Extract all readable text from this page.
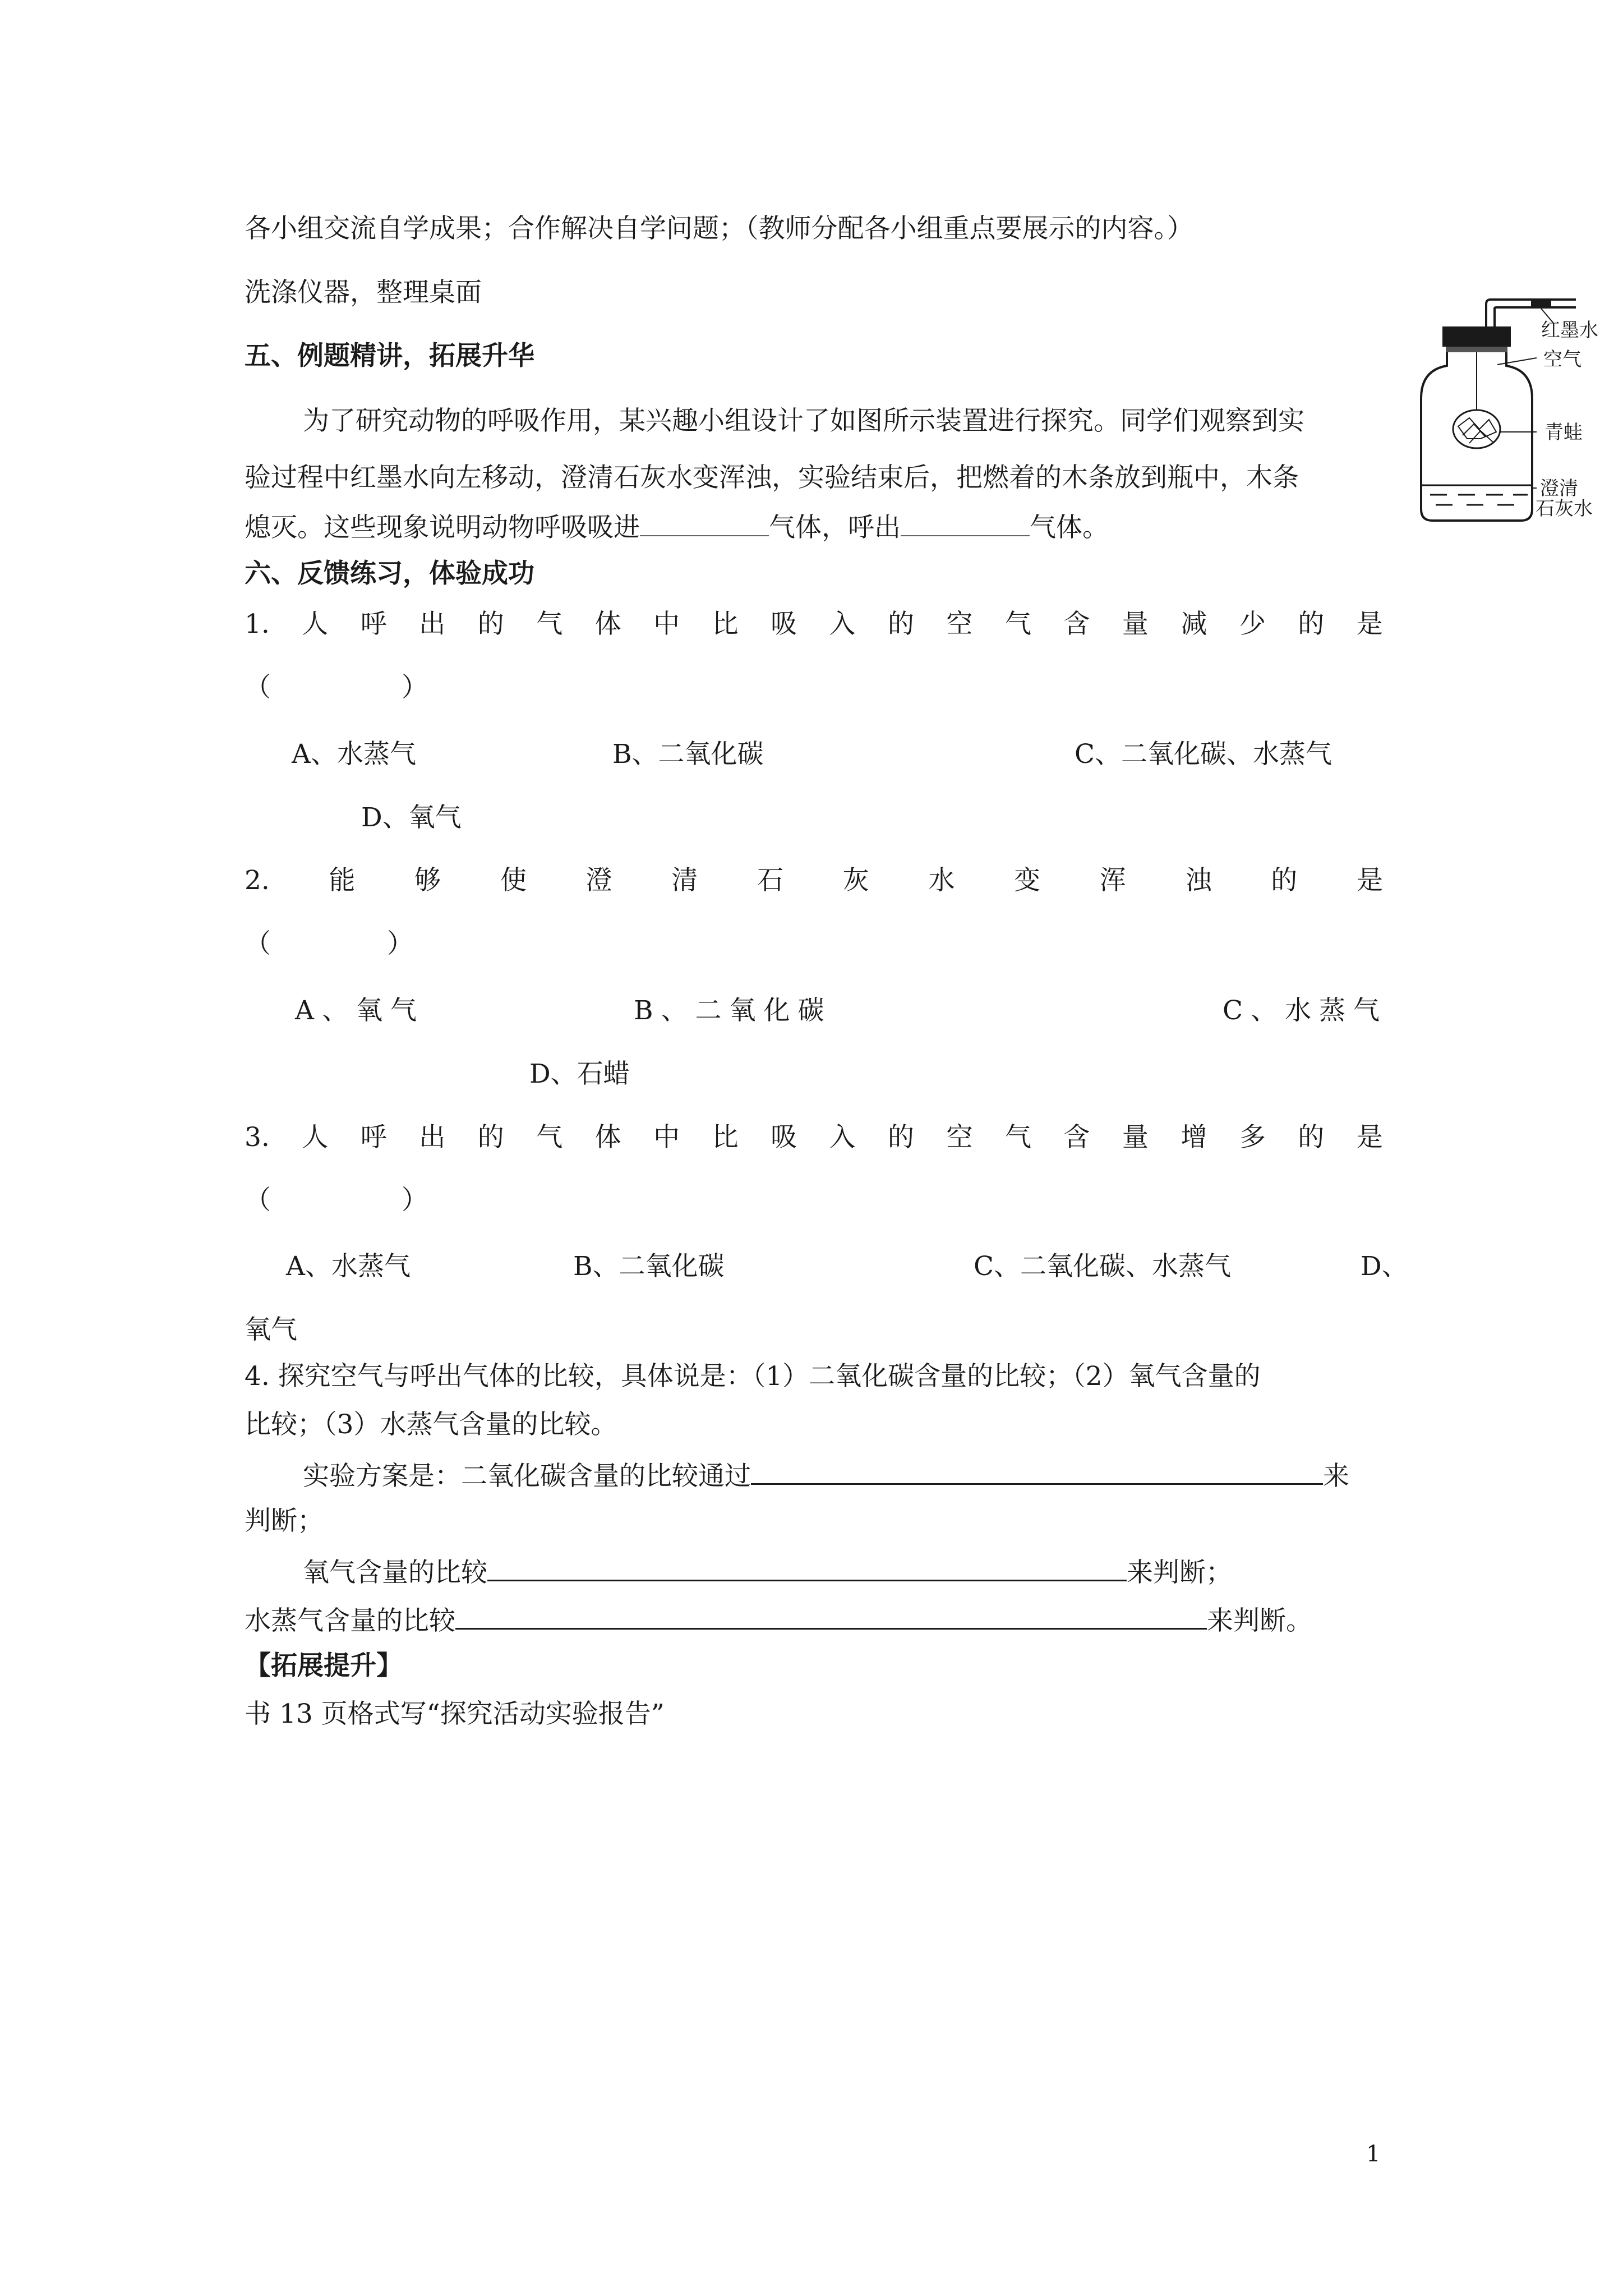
各小组交流自学成果；合作解决自学问题；（教师分配各小组重点要展示的内容。）
洗涤仪器，整理桌面
五、例题精讲，拓展升华
为了研究动物的呼吸作用，某兴趣小组设计了如图所示装置进行探究。同学们观察到实
验过程中红墨水向左移动，澄清石灰水变浑浊，实验结束后，把燃着的木条放到瓶中，木条
熄灭。这些现象说明动物呼吸吸进	气体，呼出	气体。
红墨水
空气
青蛙
澄清
石灰水
六、反馈练习，体验成功
1. 人 呼 出 的 气 体 中 比 吸 入 的 空 气 含 量 减 少 的 是
（	）
A、水蒸气	B、二氧化碳	C、二氧化碳、水蒸气
D、氧气
2. 能 够 使 澄 清 石 灰 水 变 浑 浊 的 是
（	）
A、氧气	B、二氧化碳	C、水蒸气
D、石蜡
3. 人 呼 出 的 气 体 中 比 吸 入 的 空 气 含 量 增 多 的 是
（	）
A、水蒸气	B、二氧化碳	C、二氧化碳、水蒸气	D、
氧气
4. 探究空气与呼出气体的比较，具体说是：（1）二氧化碳含量的比较；（2）氧气含量的
比较；（3）水蒸气含量的比较。
实验方案是：二氧化碳含量的比较通过	来
判断；
氧气含量的比较	来判断；
水蒸气含量的比较	来判断。
【拓展提升】
书 13 页格式写“探究活动实验报告”
1
